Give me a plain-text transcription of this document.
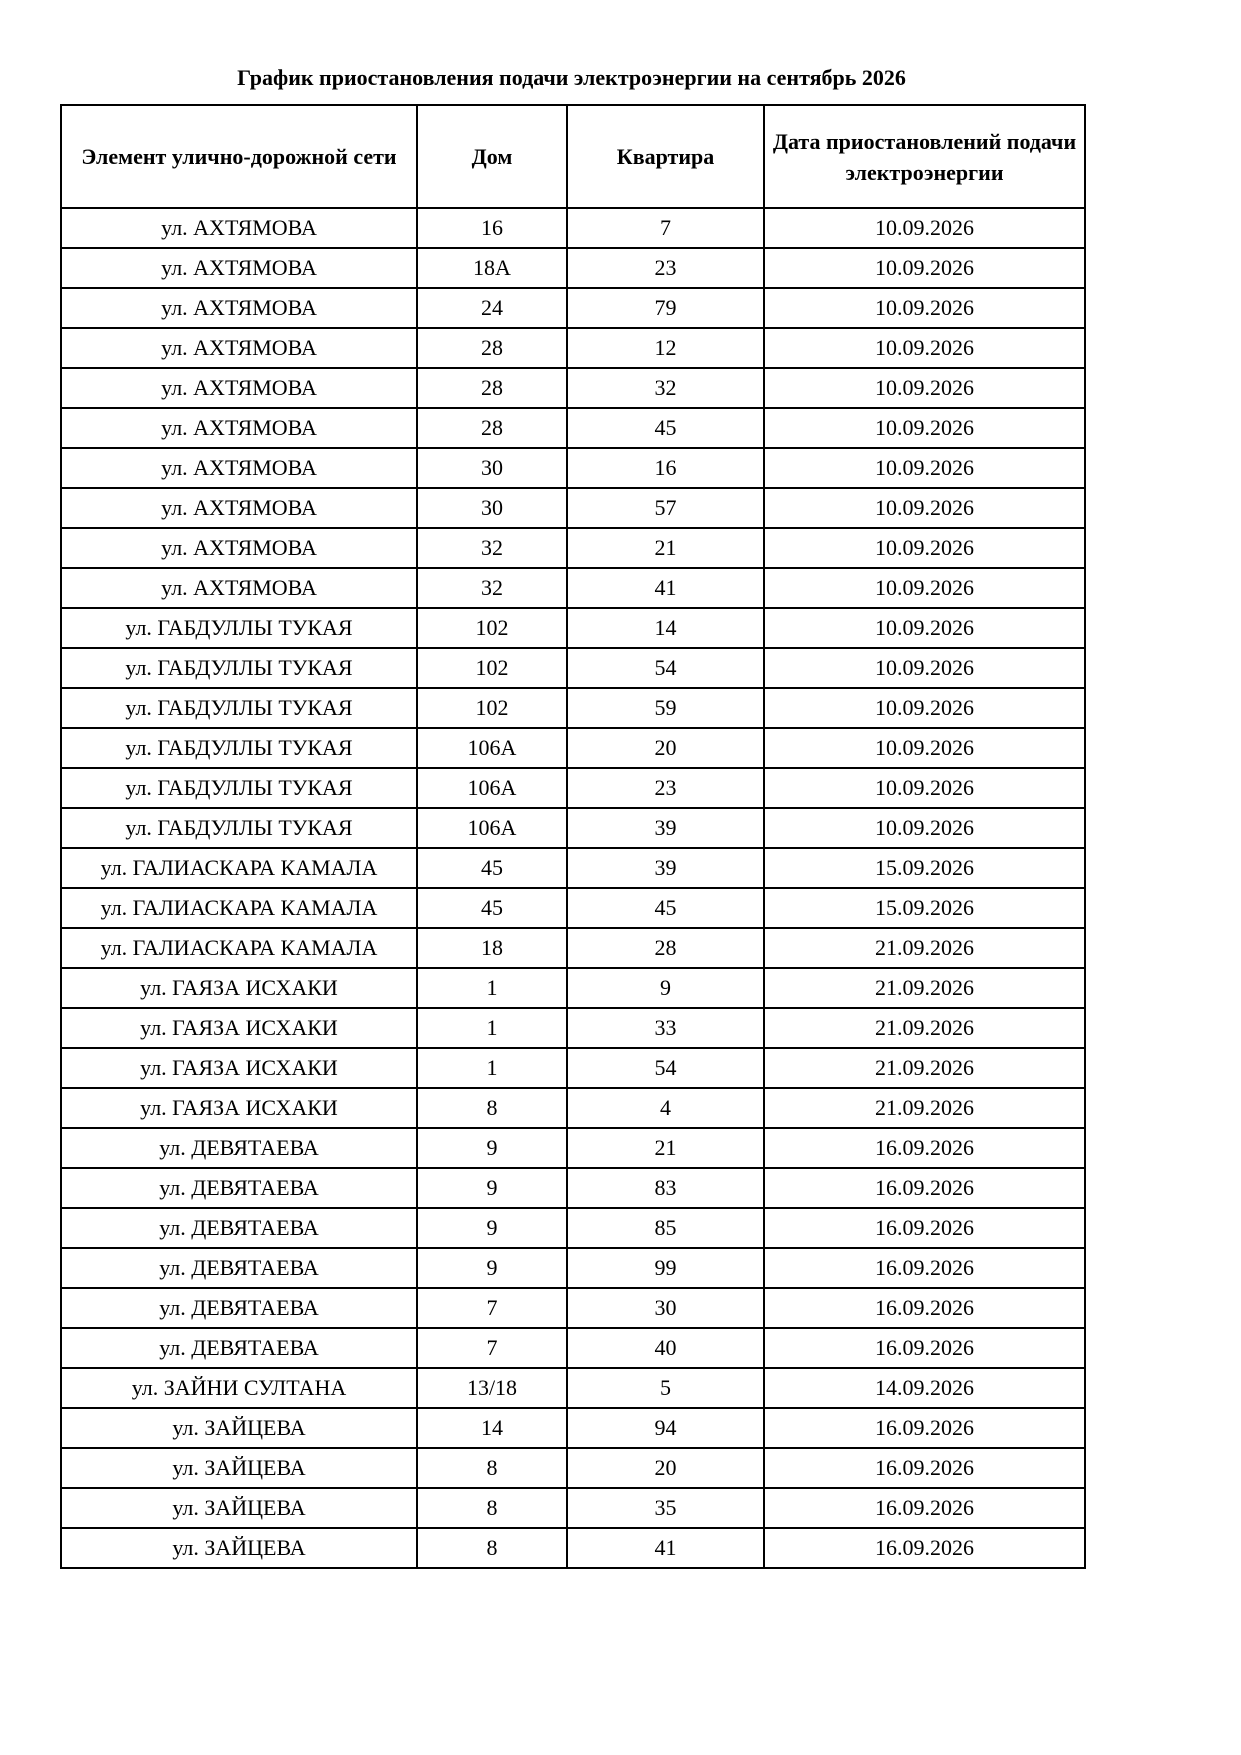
График приостановления подачи электроэнергии на сентябрь 2026
Элемент улично-дорожной сети	Дом	Квартира	Дата приостановлений подачи электроэнергии
ул. АХТЯМОВА	16	7	10.09.2026
ул. АХТЯМОВА	18А	23	10.09.2026
ул. АХТЯМОВА	24	79	10.09.2026
ул. АХТЯМОВА	28	12	10.09.2026
ул. АХТЯМОВА	28	32	10.09.2026
ул. АХТЯМОВА	28	45	10.09.2026
ул. АХТЯМОВА	30	16	10.09.2026
ул. АХТЯМОВА	30	57	10.09.2026
ул. АХТЯМОВА	32	21	10.09.2026
ул. АХТЯМОВА	32	41	10.09.2026
ул. ГАБДУЛЛЫ ТУКАЯ	102	14	10.09.2026
ул. ГАБДУЛЛЫ ТУКАЯ	102	54	10.09.2026
ул. ГАБДУЛЛЫ ТУКАЯ	102	59	10.09.2026
ул. ГАБДУЛЛЫ ТУКАЯ	106А	20	10.09.2026
ул. ГАБДУЛЛЫ ТУКАЯ	106А	23	10.09.2026
ул. ГАБДУЛЛЫ ТУКАЯ	106А	39	10.09.2026
ул. ГАЛИАСКАРА КАМАЛА	45	39	15.09.2026
ул. ГАЛИАСКАРА КАМАЛА	45	45	15.09.2026
ул. ГАЛИАСКАРА КАМАЛА	18	28	21.09.2026
ул. ГАЯЗА ИСХАКИ	1	9	21.09.2026
ул. ГАЯЗА ИСХАКИ	1	33	21.09.2026
ул. ГАЯЗА ИСХАКИ	1	54	21.09.2026
ул. ГАЯЗА ИСХАКИ	8	4	21.09.2026
ул. ДЕВЯТАЕВА	9	21	16.09.2026
ул. ДЕВЯТАЕВА	9	83	16.09.2026
ул. ДЕВЯТАЕВА	9	85	16.09.2026
ул. ДЕВЯТАЕВА	9	99	16.09.2026
ул. ДЕВЯТАЕВА	7	30	16.09.2026
ул. ДЕВЯТАЕВА	7	40	16.09.2026
ул. ЗАЙНИ СУЛТАНА	13/18	5	14.09.2026
ул. ЗАЙЦЕВА	14	94	16.09.2026
ул. ЗАЙЦЕВА	8	20	16.09.2026
ул. ЗАЙЦЕВА	8	35	16.09.2026
ул. ЗАЙЦЕВА	8	41	16.09.2026
